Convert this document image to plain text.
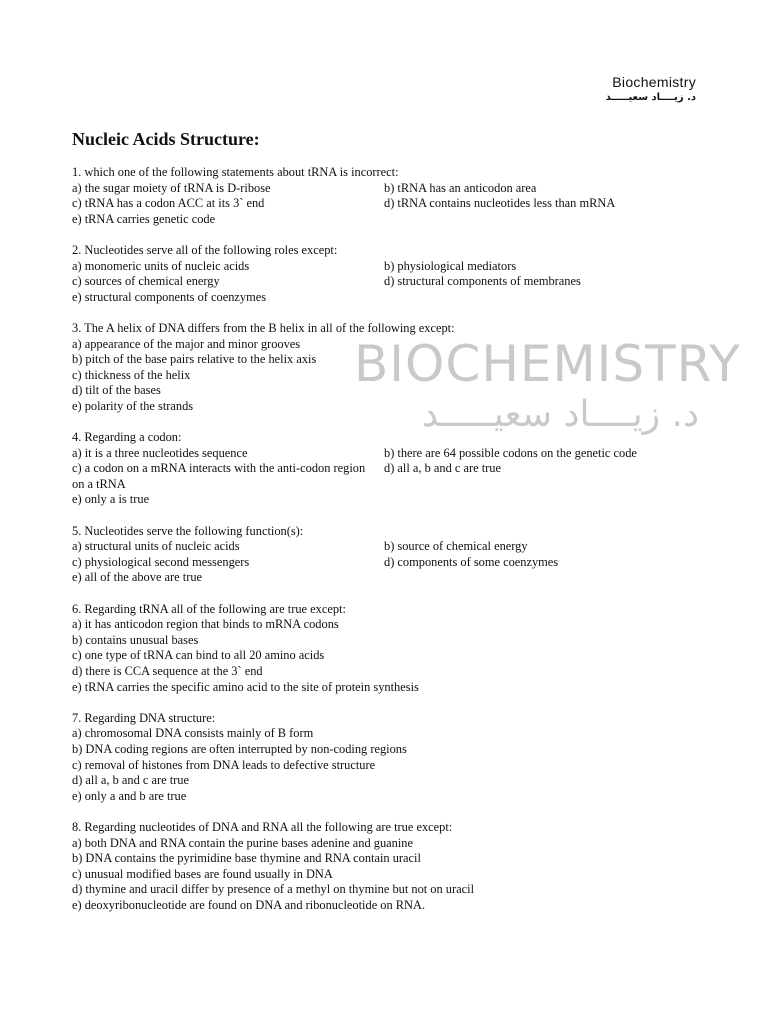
Biochemistry
د. زيــــاد سعيـــــد
BIOCHEMISTRY
د. زيــــاد سعيـــــد
Nucleic Acids Structure:
1. which one of the following statements about tRNA is incorrect:
a) the sugar moiety of tRNA is D-ribose	b) tRNA has an anticodon area
c) tRNA has a codon ACC at its 3` end	d) tRNA contains nucleotides less than mRNA
e) tRNA carries genetic code
2. Nucleotides serve all of the following roles except:
a) monomeric units of nucleic acids	b) physiological mediators
c) sources of chemical energy	d) structural components of membranes
e) structural components of coenzymes
3. The A helix of DNA differs from the B helix in all of the following except:
a) appearance of the major and minor grooves
b) pitch of the base pairs relative to the helix axis
c) thickness of the helix
d) tilt of the bases
e) polarity of the strands
4. Regarding a codon:
a) it is a three nucleotides sequence	b) there are 64 possible codons on the genetic code
c) a codon on a mRNA interacts with the anti-codon region	d) all a, b and c are true
on a tRNA
e) only a is true
5. Nucleotides serve the following function(s):
a) structural units of nucleic acids	b) source of chemical energy
c) physiological second messengers	d) components of some coenzymes
e) all of the above are true
6. Regarding tRNA all of the following are true except:
a) it has anticodon region that binds to mRNA codons
b) contains unusual bases
c) one type of tRNA can bind to all 20 amino acids
d) there is CCA sequence at the 3` end
e) tRNA carries the specific amino acid to the site of protein synthesis
7. Regarding DNA structure:
a) chromosomal DNA consists mainly of B form
b) DNA coding regions are often interrupted by non-coding regions
c) removal of histones from DNA leads to defective structure
d) all a, b and c are true
e) only a and b are true
8. Regarding nucleotides of DNA and RNA all the following are true except:
a) both DNA and RNA contain the purine bases adenine and guanine
b) DNA contains the pyrimidine base thymine and RNA contain uracil
c) unusual modified bases are found usually in DNA
d) thymine and uracil differ by presence of a methyl on thymine but not on uracil
e) deoxyribonucleotide are found on DNA and ribonucleotide on RNA.
